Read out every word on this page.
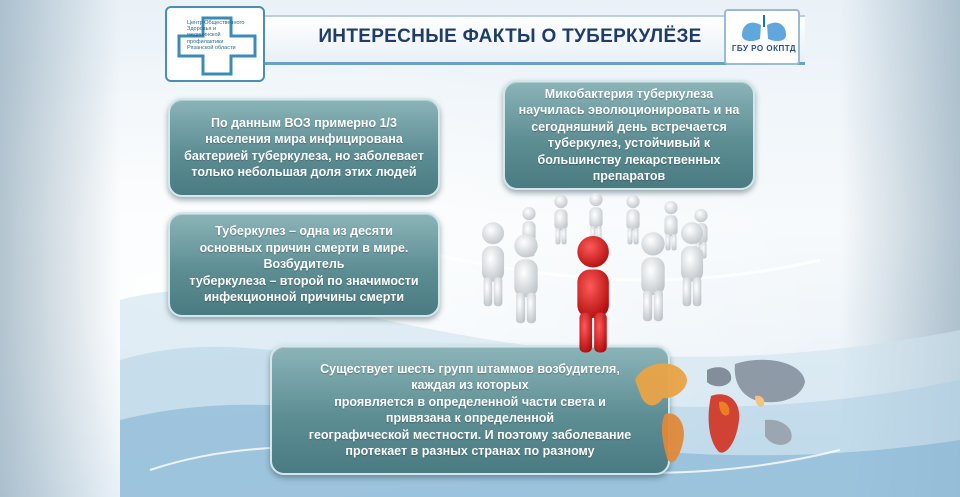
ИНТЕРЕСНЫЕ ФАКТЫ О ТУБЕРКУЛЁЗЕ
Центр Общественного Здоровья и медицинской профилактики Рязанской области	ГБУ РО ОКПТД
По данным ВОЗ примерно 1/3
населения мира инфицирована
бактерией туберкулеза, но заболевает
только небольшая доля этих людей
Микобактерия туберкулеза
научилась эволюционировать и на
сегодняшний день встречается
туберкулез, устойчивый к
большинству лекарственных
препаратов
Туберкулез – одна из десяти
основных причин смерти в мире.
Возбудитель
туберкулеза – второй по значимости
инфекционной причины смерти
Существует шесть групп штаммов возбудителя,
каждая из которых
проявляется в определенной части света и
привязана к определенной
географической местности. И поэтому заболевание
протекает в разных странах по разному
